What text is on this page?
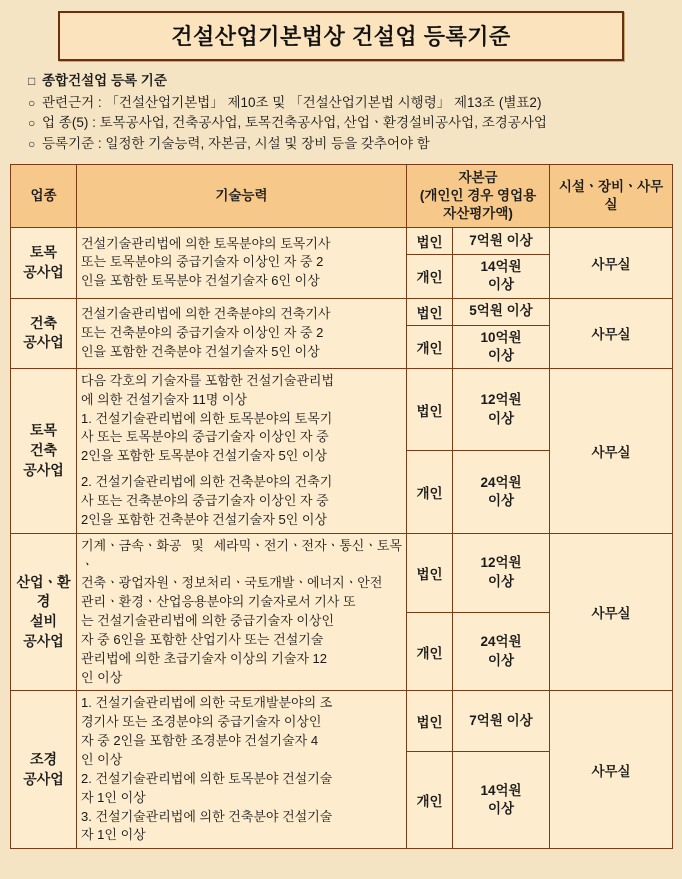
건설산업기본법상 건설업 등록기준
□ 종합건설업 등록 기준
○ 관련근거 : 「건설산업기본법」 제10조 및 「건설산업기본법 시행령」 제13조 (별표2)
○ 업 종(5) : 토목공사업, 건축공사업, 토목건축공사업, 산업ㆍ환경설비공사업, 조경공사업
○ 등록기준 : 일정한 기술능력, 자본금, 시설 및 장비 등을 갖추어야 함
업종	기술능력	자본금
(개인인 경우 영업용
자산평가액)		시설ㆍ장비ㆍ사무실
토목
공사업	건설기술관리법에 의한 토목분야의 토목기사
또는 토목분야의 중급기술자 이상인 자 중 2
인을 포함한 토목분야 건설기술자 6인 이상	법인	7억원 이상	사무실
		개인	14억원
이상	
건축
공사업	건설기술관리법에 의한 건축분야의 건축기사
또는 건축분야의 중급기술자 이상인 자 중 2
인을 포함한 건축분야 건설기술자 5인 이상	법인	5억원 이상	사무실
		개인	10억원
이상	
토목
건축
공사업	
다음 각호의 기술자를 포함한 건설기술관리법
에 의한 건설기술자 11명 이상
1. 건설기술관리법에 의한 토목분야의 토목기
사 또는 토목분야의 중급기술자 이상인 자 중
2인을 포함한 토목분야 건설기술자 5인 이상
2. 건설기술관리법에 의한 건축분야의 건축기
사 또는 건축분야의 중급기술자 이상인 자 중
2인을 포함한 건축분야 건설기술자 5인 이상
	법인	12억원
이상	사무실
		개인	24억원
이상	
산업ㆍ환경
설비
공사업	
기계ㆍ금속ㆍ화공 및 세라믹ㆍ전기ㆍ전자ㆍ통신ㆍ토목ㆍ
건축ㆍ광업자원ㆍ정보처리ㆍ국토개발ㆍ에너지ㆍ안전
관리ㆍ환경ㆍ산업응용분야의 기술자로서 기사 또
는 건설기술관리법에 의한 중급기술자 이상인
자 중 6인을 포함한 산업기사 또는 건설기술
관리법에 의한 초급기술자 이상의 기술자 12
인 이상
	법인	12억원
이상	사무실
		개인	24억원
이상	
조경
공사업	
1. 건설기술관리법에 의한 국토개발분야의 조
경기사 또는 조경분야의 중급기술자 이상인
자 중 2인을 포함한 조경분야 건설기술자 4
인 이상
2. 건설기술관리법에 의한 토목분야 건설기술
자 1인 이상
3. 건설기술관리법에 의한 건축분야 건설기술
자 1인 이상
	법인	7억원 이상	사무실
		개인	14억원
이상	
